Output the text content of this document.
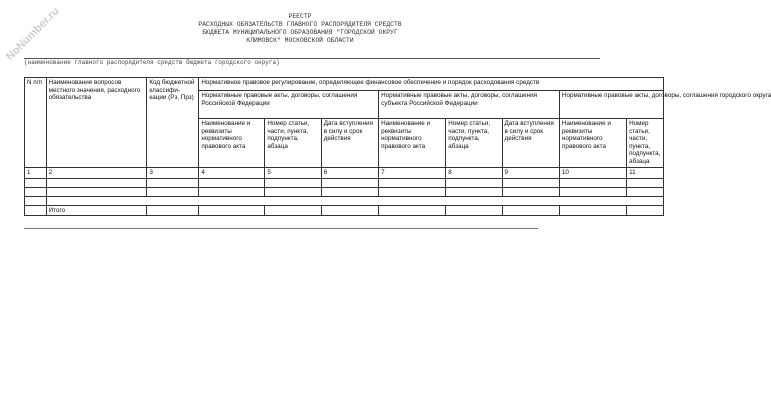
NoNumber.ru	РЕЕСТР
РАСХОДНЫХ ОБЯЗАТЕЛЬСТВ ГЛАВНОГО РАСПОРЯДИТЕЛЯ СРЕДСТВ
БЮДЖЕТА МУНИЦИПАЛЬНОГО ОБРАЗОВАНИЯ "ГОРОДСКОЙ ОКРУГ
КЛИМОВСК" МОСКОВСКОЙ ОБЛАСТИ
(наименование главного распорядителя средств бюджета городского округа)
N п/п	Наименование вопросов местного значения, расходного обязательства	Код бюджетной классифи-кации (Рз, Прз)	Нормативное правовое регулирование, определяющее финансовое обеспечение и порядок расходования средств							
			Нормативные правовые акты, договоры, соглашения Российской Федерации			Нормативные правовые акты, договоры, соглашения субъекта Российской Федерации			Нормативные правовые акты, договоры, соглашения городского округа	
			Наименование и реквизиты нормативного правового акта	Номер статьи, части, пункта, подпункта, абзаца	Дата вступления в силу и срок действия	Наименование и реквизиты нормативного правового акта	Номер статьи, части, пункта, подпункта, абзаца	Дата вступления в силу и срок действия	Наименование и реквизиты нормативного правового акта	Номер статьи, части, пункта, подпункта, абзаца
1	2	3	4	5	6	7	8	9	10	11

	Итого									
